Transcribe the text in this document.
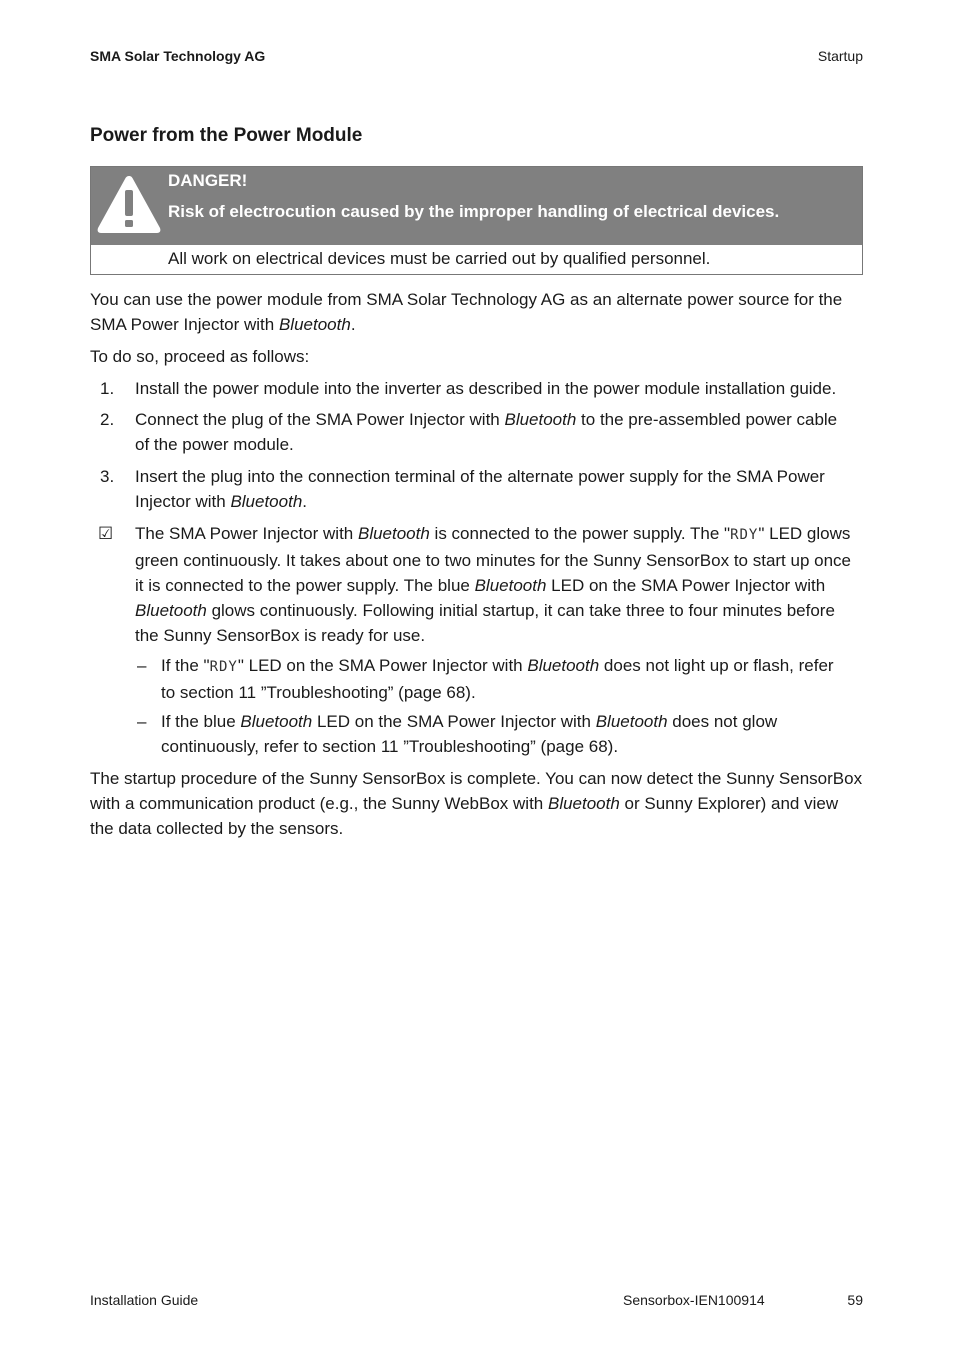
SMA Solar Technology AG	Startup
Power from the Power Module
DANGER!
Risk of electrocution caused by the improper handling of electrical devices.
All work on electrical devices must be carried out by qualified personnel.
You can use the power module from SMA Solar Technology AG as an alternate power source for the
SMA Power Injector with Bluetooth.
To do so, proceed as follows:
1. Install the power module into the inverter as described in the power module installation guide.
2. Connect the plug of the SMA Power Injector with Bluetooth to the pre-assembled power cable
of the power module.
3. Insert the plug into the connection terminal of the alternate power supply for the SMA Power
Injector with Bluetooth.
☑ The SMA Power Injector with Bluetooth is connected to the power supply. The "RDY" LED glows
green continuously. It takes about one to two minutes for the Sunny SensorBox to start up once
it is connected to the power supply. The blue Bluetooth LED on the SMA Power Injector with
Bluetooth glows continuously. Following initial startup, it can take three to four minutes before
the Sunny SensorBox is ready for use.
– If the "RDY" LED on the SMA Power Injector with Bluetooth does not light up or flash, refer
to section 11 ”Troubleshooting” (page 68).
– If the blue Bluetooth LED on the SMA Power Injector with Bluetooth does not glow
continuously, refer to section 11 ”Troubleshooting” (page 68).
The startup procedure of the Sunny SensorBox is complete. You can now detect the Sunny SensorBox
with a communication product (e.g., the Sunny WebBox with Bluetooth or Sunny Explorer) and view
the data collected by the sensors.
Installation Guide	Sensorbox-IEN100914	59
